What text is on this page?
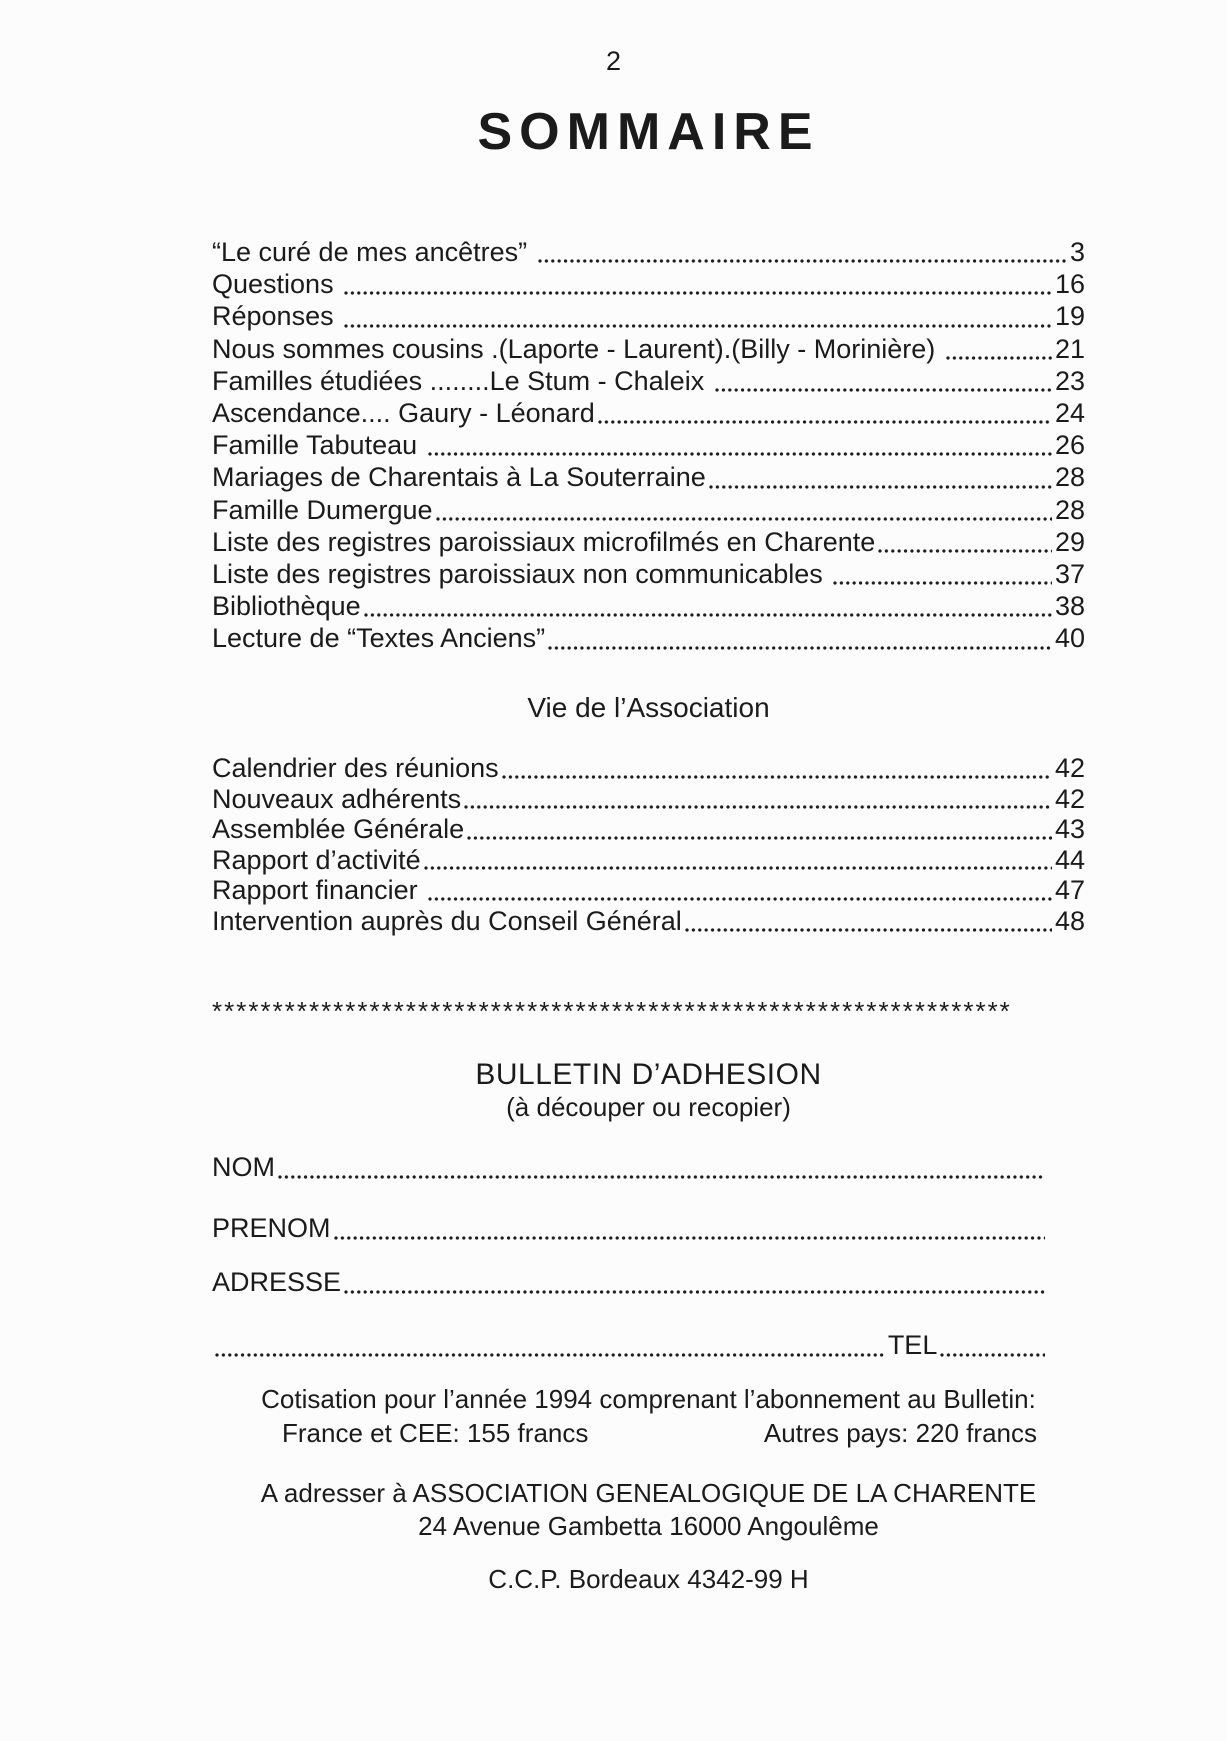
2
SOMMAIRE
“Le curé de mes ancêtres”	3
Questions	16
Réponses	19
Nous sommes cousins .(Laporte - Laurent).(Billy - Morinière)	21
Familles étudiées ........Le Stum - Chaleix	23
Ascendance.... Gaury - Léonard	24
Famille Tabuteau	26
Mariages de Charentais à La Souterraine	28
Famille Dumergue	28
Liste des registres paroissiaux microfilmés en Charente	29
Liste des registres paroissiaux non communicables	37
Bibliothèque	38
Lecture de “Textes Anciens”	40
Vie de l’Association
Calendrier des réunions	42
Nouveaux adhérents	42
Assemblée Générale	43
Rapport d’activité	44
Rapport financier	47
Intervention auprès du Conseil Général	48
******************************************************************
BULLETIN D’ADHESION
(à découper ou recopier)
NOM
PRENOM
ADRESSE
TEL
Cotisation pour l’année 1994 comprenant l’abonnement au Bulletin:
France et CEE: 155 francs	Autres pays: 220 francs
A adresser à ASSOCIATION GENEALOGIQUE DE LA CHARENTE
24 Avenue Gambetta 16000 Angoulême
C.C.P. Bordeaux 4342-99 H
